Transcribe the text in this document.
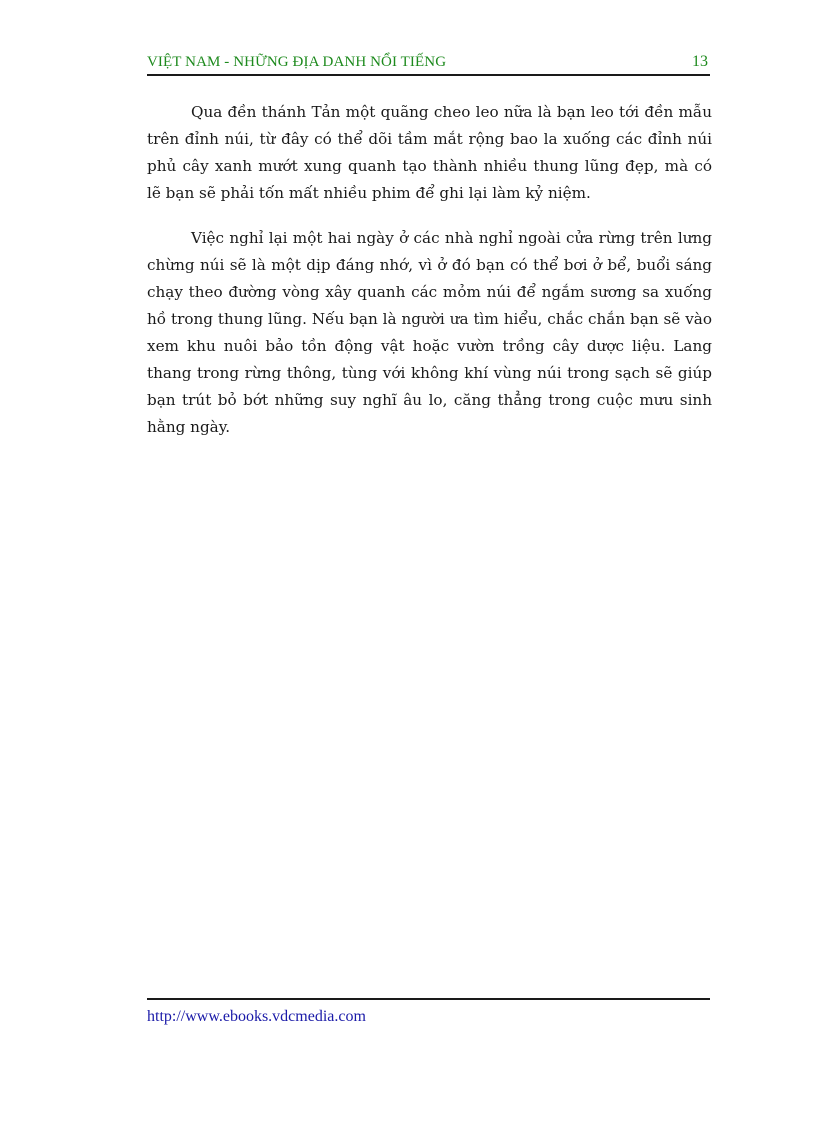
VIỆT NAM - NHỮNG ĐỊA DANH NỔI TIẾNG	13

Qua đền thánh Tản một quãng cheo leo nữa là bạn leo tới đền mẫu trên đỉnh núi, từ đây có thể dõi tầm mắt rộng bao la xuống các đỉnh núi phủ cây xanh mướt xung quanh tạo thành nhiều thung lũng đẹp, mà có lẽ bạn sẽ phải tốn mất nhiều phim để ghi lại làm kỷ niệm.

Việc nghỉ lại một hai ngày ở các nhà nghỉ ngoài cửa rừng trên lưng chừng núi sẽ là một dịp đáng nhớ, vì ở đó bạn có thể bơi ở bể, buổi sáng chạy theo đường vòng xây quanh các mỏm núi để ngắm sương sa xuống hồ trong thung lũng. Nếu bạn là người ưa tìm hiểu, chắc chắn bạn sẽ vào xem khu nuôi bảo tồn động vật hoặc vườn trồng cây dược liệu. Lang thang trong rừng thông, tùng với không khí vùng núi trong sạch sẽ giúp bạn trút bỏ bớt những suy nghĩ âu lo, căng thẳng trong cuộc mưu sinh hằng ngày.

http://www.ebooks.vdcmedia.com
